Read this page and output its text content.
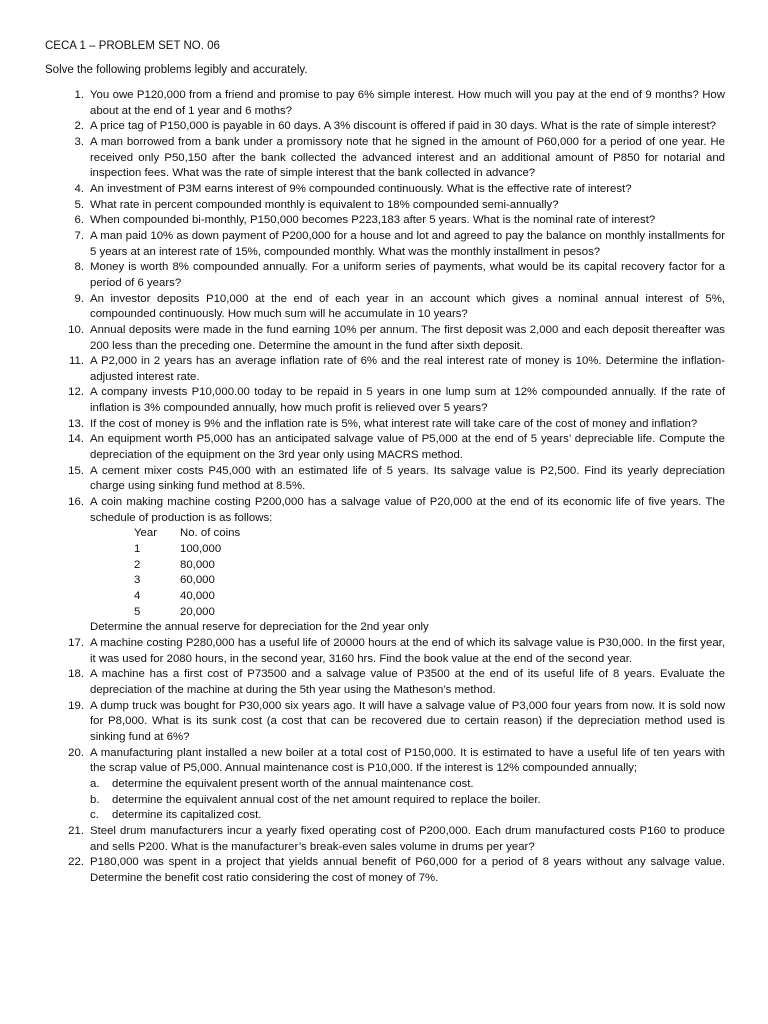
CECA 1 – PROBLEM SET NO. 06
Solve the following problems legibly and accurately.
1. You owe P120,000 from a friend and promise to pay 6% simple interest. How much will you pay at the end of 9 months? How about at the end of 1 year and 6 moths?
2. A price tag of P150,000 is payable in 60 days. A 3% discount is offered if paid in 30 days. What is the rate of simple interest?
3. A man borrowed from a bank under a promissory note that he signed in the amount of P60,000 for a period of one year. He received only P50,150 after the bank collected the advanced interest and an additional amount of P850 for notarial and inspection fees. What was the rate of simple interest that the bank collected in advance?
4. An investment of P3M earns interest of 9% compounded continuously. What is the effective rate of interest?
5. What rate in percent compounded monthly is equivalent to 18% compounded semi-annually?
6. When compounded bi-monthly, P150,000 becomes P223,183 after 5 years. What is the nominal rate of interest?
7. A man paid 10% as down payment of P200,000 for a house and lot and agreed to pay the balance on monthly installments for 5 years at an interest rate of 15%, compounded monthly. What was the monthly installment in pesos?
8. Money is worth 8% compounded annually. For a uniform series of payments, what would be its capital recovery factor for a period of 6 years?
9. An investor deposits P10,000 at the end of each year in an account which gives a nominal annual interest of 5%, compounded continuously. How much sum will he accumulate in 10 years?
10. Annual deposits were made in the fund earning 10% per annum. The first deposit was 2,000 and each deposit thereafter was 200 less than the preceding one. Determine the amount in the fund after sixth deposit.
11. A P2,000 in 2 years has an average inflation rate of 6% and the real interest rate of money is 10%. Determine the inflation-adjusted interest rate.
12. A company invests P10,000.00 today to be repaid in 5 years in one lump sum at 12% compounded annually. If the rate of inflation is 3% compounded annually, how much profit is relieved over 5 years?
13. If the cost of money is 9% and the inflation rate is 5%, what interest rate will take care of the cost of money and inflation?
14. An equipment worth P5,000 has an anticipated salvage value of P5,000 at the end of 5 years’ depreciable life. Compute the depreciation of the equipment on the 3rd year only using MACRS method.
15. A cement mixer costs P45,000 with an estimated life of 5 years. Its salvage value is P2,500. Find its yearly depreciation charge using sinking fund method at 8.5%.
16. A coin making machine costing P200,000 has a salvage value of P20,000 at the end of its economic life of five years. The schedule of production is as follows:
Year	No. of coins
1	100,000
2	80,000
3	60,000
4	40,000
5	20,000
Determine the annual reserve for depreciation for the 2nd year only
17. A machine costing P280,000 has a useful life of 20000 hours at the end of which its salvage value is P30,000. In the first year, it was used for 2080 hours, in the second year, 3160 hrs. Find the book value at the end of the second year.
18. A machine has a first cost of P73500 and a salvage value of P3500 at the end of its useful life of 8 years. Evaluate the depreciation of the machine at during the 5th year using the Matheson’s method.
19. A dump truck was bought for P30,000 six years ago. It will have a salvage value of P3,000 four years from now. It is sold now for P8,000. What is its sunk cost (a cost that can be recovered due to certain reason) if the depreciation method used is sinking fund at 6%?
20. A manufacturing plant installed a new boiler at a total cost of P150,000. It is estimated to have a useful life of ten years with the scrap value of P5,000. Annual maintenance cost is P10,000. If the interest is 12% compounded annually;
a.	determine the equivalent present worth of the annual maintenance cost.
b.	determine the equivalent annual cost of the net amount required to replace the boiler.
c.	determine its capitalized cost.
21. Steel drum manufacturers incur a yearly fixed operating cost of P200,000. Each drum manufactured costs P160 to produce and sells P200. What is the manufacturer’s break-even sales volume in drums per year?
22. P180,000 was spent in a project that yields annual benefit of P60,000 for a period of 8 years without any salvage value. Determine the benefit cost ratio considering the cost of money of 7%.
